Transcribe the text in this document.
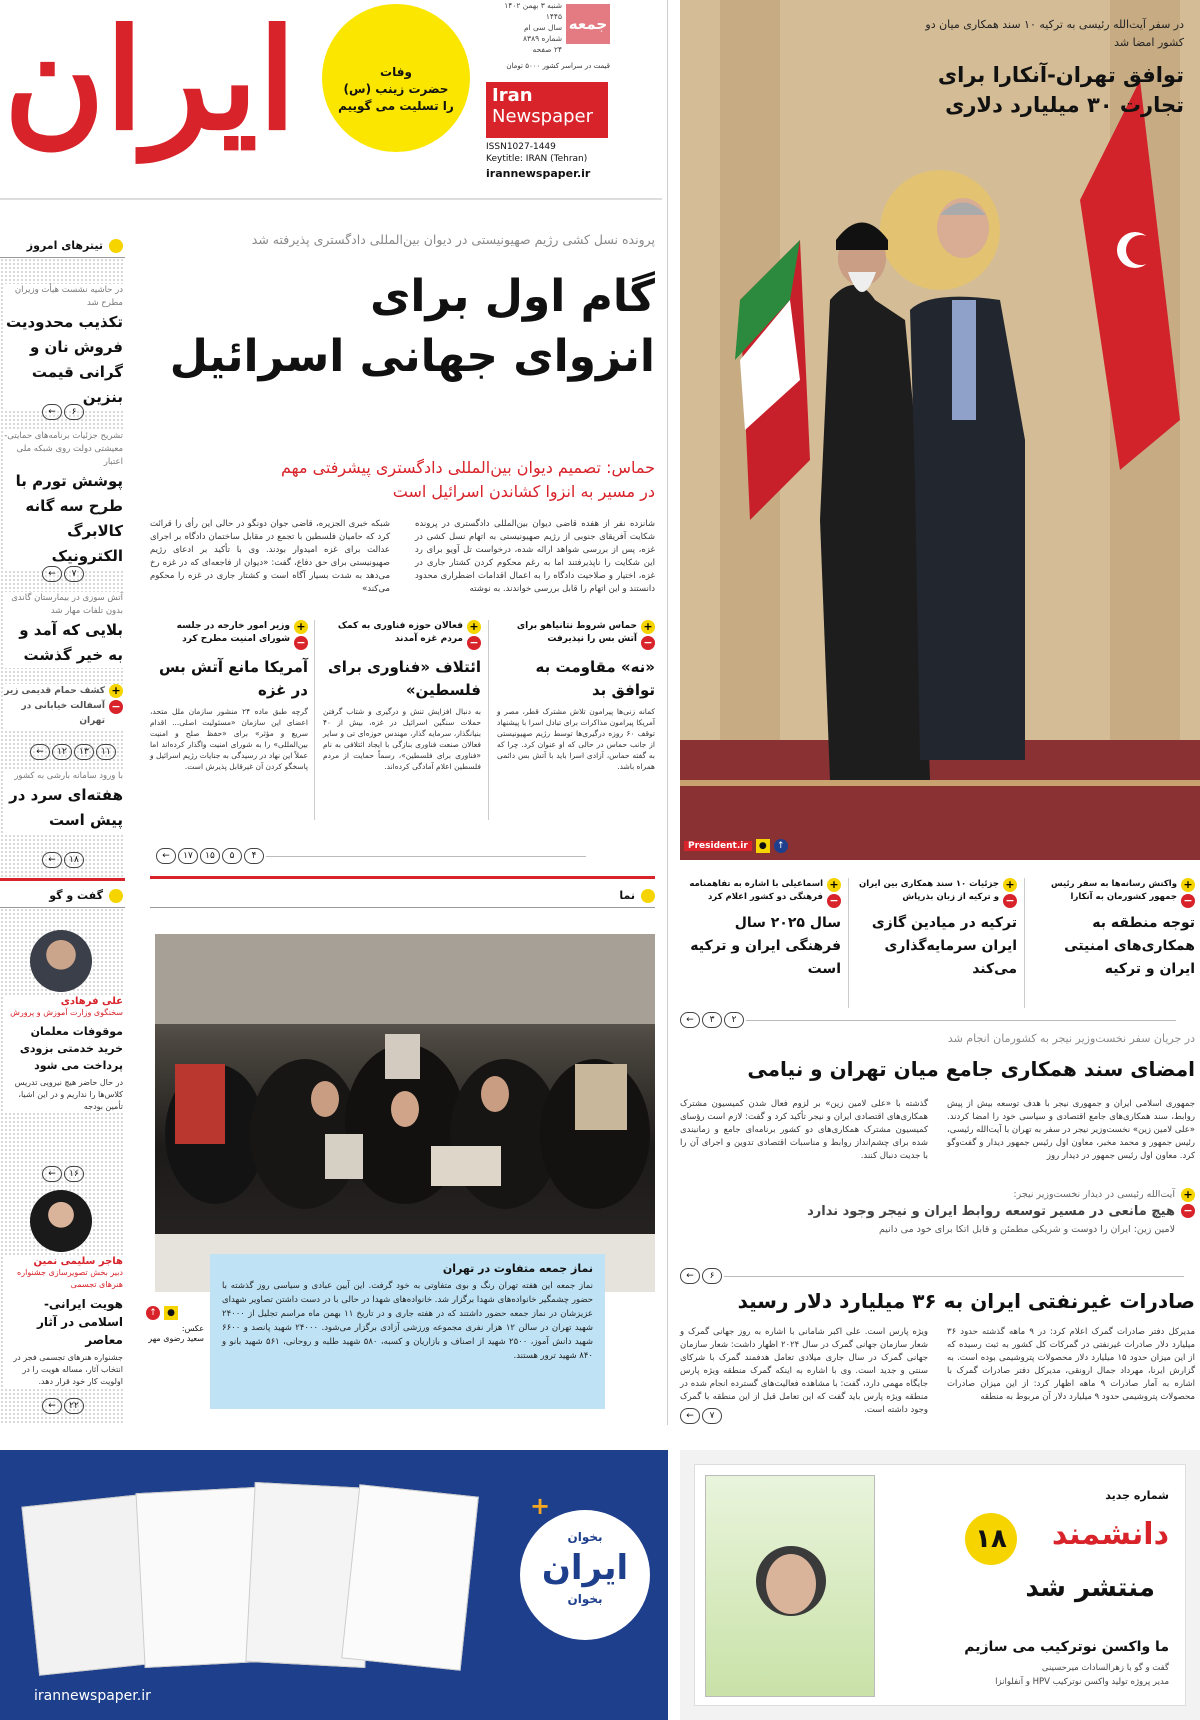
ایران	وفات
حضرت زینب (س)
را تسلیت می گوییم
جمعه
شنبه ۳ بهمن ۱۴۰۲
۱۴۴۵
سال سی ام
شماره ۸۳۸۹
۲۴ صفحه
قیمت در سراسر کشور ۵۰۰۰ تومان
Iran
Newspaper
ISSN1027-1449
Keytitle: IRAN (Tehran)
irannewspaper.ir
در سفر آیت‌الله رئیسی به ترکیه ۱۰ سند همکاری میان دو کشور امضا شد
توافق تهران-آنکارا برای تجارت ۳۰ میلیارد دلاری
President.ir	●	↑
تیترهای امروز
در حاشیه نشست هیأت وزیران مطرح شد
تکذیب محدودیت فروش نان و گرانی قیمت بنزین
←	۶
تشریح جزئیات برنامه‌های حمایتی-معیشتی دولت روی شبکه ملی اعتبار
پوشش تورم با طرح سه گانه کالابرگ الکترونیک
←	۷
آتش سوزی در بیمارستان گاندی بدون تلفات مهار شد
بلایی که آمد و به خیر گذشت
+
−
کشف حمام قدیمی زیر آسفالت خیابانی در تهران
←	۱۲	۱۳	۱۱
با ورود سامانه بارشی به کشور
هفته‌ای سرد در پیش است
←	۱۸
پرونده نسل کشی رژیم صهیونیستی در دیوان بین‌المللی دادگستری پذیرفته شد
گام اول برای
انزوای جهانی اسرائیل
حماس: تصمیم دیوان بین‌المللی دادگستری پیشرفتی مهم
در مسیر به انزوا کشاندن اسرائیل است
شانزده نفر از هفده قاضی دیوان بین‌المللی دادگستری در پرونده شکایت آفریقای جنوبی از رژیم صهیونیستی به اتهام نسل کشی در غزه، پس از بررسی شواهد ارائه شده، درخواست تل آویو برای رد این شکایت را ناپذیرفتند اما به رغم محکوم کردن کشتار جاری در غزه، اختیار و صلاحیت دادگاه را به اعمال اقدامات اضطراری محدود دانستند و این اتهام را قابل بررسی خواندند. به نوشته
شبکه خبری الجزیره، قاضی جوان دونگو در حالی این رأی را قرائت کرد که حامیان فلسطین با تجمع در مقابل ساختمان دادگاه بر اجرای عدالت برای غزه امیدوار بودند. وی با تأکید بر ادعای رژیم صهیونیستی برای حق دفاع، گفت: «دیوان از فاجعه‌ای که در غزه رخ می‌دهد به شدت بسیار آگاه است و کشتار جاری در غزه را محکوم می‌کند»
+
−
حماس شروط نتانیاهو برای آتش بس را نپذیرفت
«نه» مقاومت به توافق بد
کمانه زنی‌ها پیرامون تلاش مشترک قطر، مصر و آمریکا پیرامون مذاکرات برای تبادل اسرا با پیشنهاد توقف ۶۰ روزه درگیری‌ها توسط رژیم صهیونیستی از جانب حماس در حالی که او عنوان کرد. چرا که به گفته حماس، آزادی اسرا باید با آتش بس دائمی همراه باشد.
+
−
فعالان حوزه فناوری به کمک مردم غزه آمدند
ائتلاف «فناوری برای فلسطین»
به دنبال افزایش تنش و درگیری و شتاب گرفتن حملات سنگین اسرائیل در غزه، بیش از ۴۰ بنیانگذار، سرمایه گذار، مهندس حوزه‌ای تی و سایر فعالان صنعت فناوری بنازگی با ایجاد ائتلافی به نام «فناوری برای فلسطین»، رسماً حمایت از مردم فلسطین اعلام آمادگی کرده‌اند.
+
−
وزیر امور خارجه در جلسه شورای امنیت مطرح کرد
آمریکا مانع آتش بس در غزه
گرچه طبق ماده ۲۴ منشور سازمان ملل متحد، اعضای این سازمان «مسئولیت اصلی... اقدام سریع و مؤثر» برای «حفظ صلح و امنیت بین‌المللی» را به شورای امنیت واگذار کرده‌اند اما عملاً این نهاد در رسیدگی به جنایات رژیم اسرائیل و پاسخگو کردن آن غیرقابل پذیرش است.
←	۱۷	۱۵	۵	۴
گفت و گو
علی فرهادی
سخنگوی وزارت آموزش و پرورش
موقوفات معلمان خرید خدمتی بزودی پرداخت می شود
در حال حاضر هیچ نیرویی تدریس کلاس‌ها را نداریم و در این اشیا، تأمین بودجه
←	۱۶
هاجر سلیمی نمین
دبیر بخش تصویرسازی جشنواره هنرهای تجسمی
هویت ایرانی-اسلامی در آثار معاصر
جشنواره هنرهای تجسمی فجر در انتخاب آثار، مساله هویت را در اولویت کار خود قرار دهد.
←	۲۲
نما
نماز جمعه متفاوت در تهران
نماز جمعه این هفته تهران رنگ و بوی متفاوتی به خود گرفت. این آیین عبادی و سیاسی روز گذشته با حضور چشمگیر خانواده‌های شهدا برگزار شد. خانواده‌های شهدا در حالی با در دست داشتن تصاویر شهدای عزیزشان در نماز جمعه حضور داشتند که در هفته جاری و در تاریخ ۱۱ بهمن ماه مراسم تجلیل از ۲۴۰۰۰ شهید تهران در سالن ۱۲ هزار نفری مجموعه ورزشی آزادی برگزار می‌شود. ۲۴۰۰۰ شهید پانصد و ۶۶۰۰ شهید دانش آموز، ۲۵۰۰ شهید از اصناف و بازاریان و کسبه، ۵۸۰ شهید طلبه و روحانی، ۵۶۱ شهید بانو و ۸۴۰ شهید ترور هستند.
●
↑
عکس:
سعید رضوی مهر
+
−
واکنش رسانه‌ها به سفر رئیس جمهور کشورمان به آنکارا
توجه منطقه به همکاری‌های امنیتی ایران و ترکیه
+
−
جزئیات ۱۰ سند همکاری بین ایران و ترکیه از زبان بذرپاش
ترکیه در میادین گازی ایران سرمایه‌گذاری می‌کند
+
−
اسماعیلی با اشاره به تفاهمنامه فرهنگی دو کشور اعلام کرد
سال ۲۰۲۵ سال فرهنگی ایران و ترکیه است
←	۳	۲
در جریان سفر نخست‌وزیر نیجر به کشورمان انجام شد
امضای سند همکاری جامع میان تهران و نیامی
جمهوری اسلامی ایران و جمهوری نیجر با هدف توسعه بیش از پیش روابط، سند همکاری‌های جامع اقتصادی و سیاسی خود را امضا کردند. «علی لامین زین» نخست‌وزیر نیجر در سفر به تهران با آیت‌الله رئیسی، رئیس جمهور و محمد مخبر، معاون اول رئیس جمهور دیدار و گفت‌وگو کرد. معاون اول رئیس جمهور در دیدار روز
گذشته با «علی لامین زین» بر لزوم فعال شدن کمیسیون مشترک همکاری‌های اقتصادی ایران و نیجر تأکید کرد و گفت: لازم است رؤسای کمیسیون مشترک همکاری‌های دو کشور برنامه‌ای جامع و زمانبندی شده برای چشم‌انداز روابط و مناسبات اقتصادی تدوین و اجرای آن را با جدیت دنبال کنند.
+
−
آیت‌الله رئیسی در دیدار نخست‌وزیر نیجر:
هیچ مانعی در مسیر توسعه روابط ایران و نیجر وجود ندارد
لامین زین: ایران را دوست و شریکی مطمئن و قابل اتکا برای خود می دانیم
←	۶
صادرات غیرنفتی ایران به ۳۶ میلیارد دلار رسید
مدیرکل دفتر صادرات گمرک اعلام کرد: در ۹ ماهه گذشته حدود ۳۶ میلیارد دلار صادرات غیرنفتی در گمرکات کل کشور به ثبت رسیده که از این میزان حدود ۱۵ میلیارد دلار محصولات پتروشیمی بوده است. به گزارش ایرنا، مهرداد جمال ارونقی، مدیرکل دفتر صادرات گمرک با اشاره به آمار صادرات ۹ ماهه اظهار کرد: از این میزان صادرات محصولات پتروشیمی حدود ۹ میلیارد دلار آن مربوط به منطقه
ویژه پارس است. علی اکبر شامانی با اشاره به روز جهانی گمرک و شعار سازمان جهانی گمرک در سال ۲۰۲۴ اظهار داشت: شعار سازمان جهانی گمرک در سال جاری میلادی تعامل هدفمند گمرک با شرکای سنتی و جدید است. وی با اشاره به اینکه گمرک منطقه ویژه پارس جایگاه مهمی دارد، گفت: با مشاهده فعالیت‌های گسترده انجام شده در منطقه ویژه پارس باید گفت که این تعامل قبل از این منطقه با گمرک وجود داشته است.
←	۷
بخوان
ایران
بخوان
+
irannewspaper.ir
۱۸
شماره جدید
دانشمند
منتشر شد
ما واکسن نوترکیب می سازیم
گفت و گو با زهرالسادات میرحسینی
مدیر پروژه تولید واکسن نوترکیب HPV و آنفلوانزا
